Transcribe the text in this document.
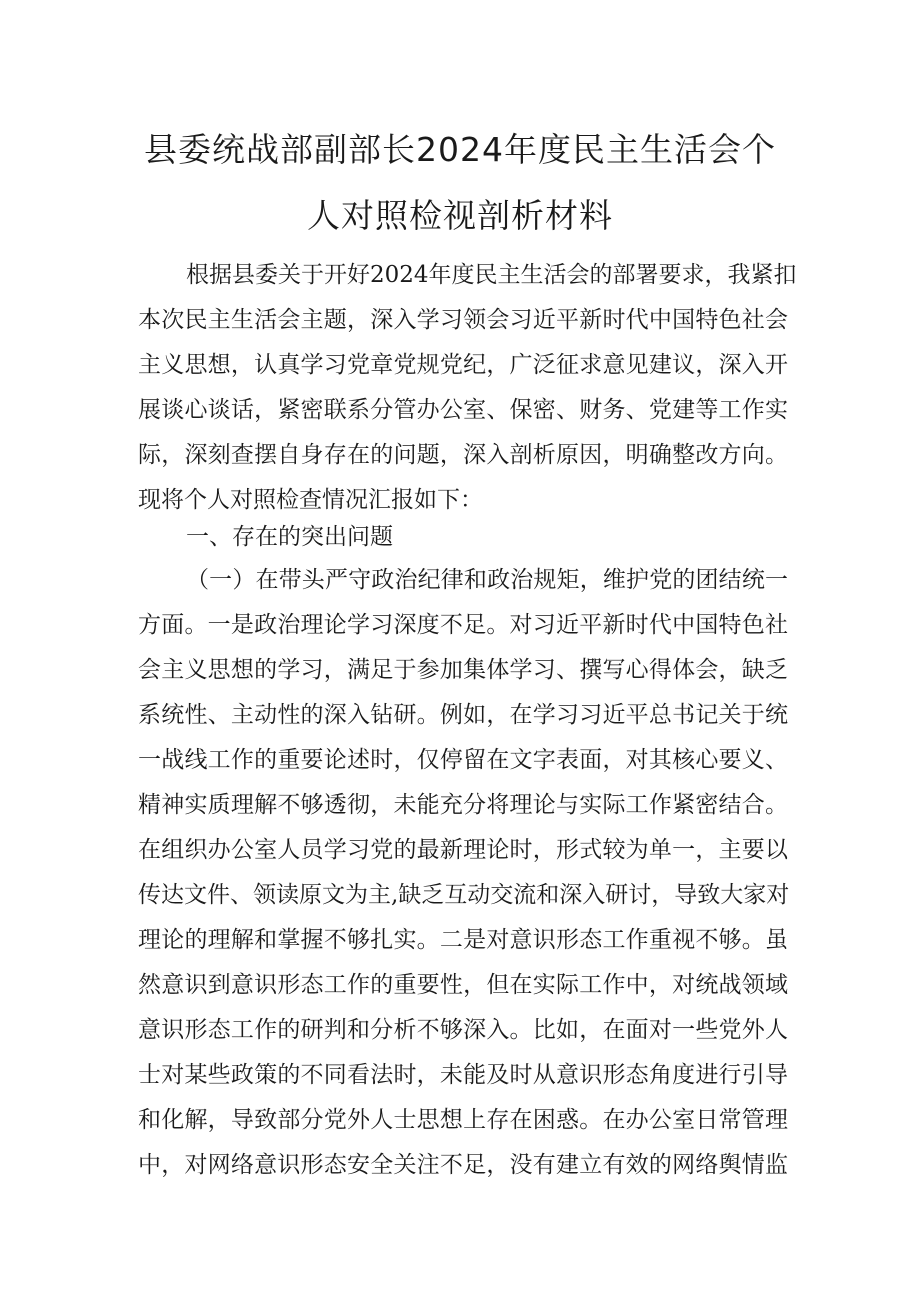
县委统战部副部长2024年度民主生活会个
人对照检视剖析材料
根据县委关于开好2024年度民主生活会的部署要求，我紧扣
本次民主生活会主题，深入学习领会习近平新时代中国特色社会
主义思想，认真学习党章党规党纪，广泛征求意见建议，深入开
展谈心谈话，紧密联系分管办公室、保密、财务、党建等工作实
际，深刻查摆自身存在的问题，深入剖析原因，明确整改方向。
现将个人对照检查情况汇报如下：
一、存在的突出问题
（一）在带头严守政治纪律和政治规矩，维护党的团结统一
方面。一是政治理论学习深度不足。对习近平新时代中国特色社
会主义思想的学习，满足于参加集体学习、撰写心得体会，缺乏
系统性、主动性的深入钻研。例如，在学习习近平总书记关于统
一战线工作的重要论述时，仅停留在文字表面，对其核心要义、
精神实质理解不够透彻，未能充分将理论与实际工作紧密结合。
在组织办公室人员学习党的最新理论时，形式较为单一，主要以
传达文件、领读原文为主,缺乏互动交流和深入研讨，导致大家对
理论的理解和掌握不够扎实。二是对意识形态工作重视不够。虽
然意识到意识形态工作的重要性，但在实际工作中，对统战领域
意识形态工作的研判和分析不够深入。比如，在面对一些党外人
士对某些政策的不同看法时，未能及时从意识形态角度进行引导
和化解，导致部分党外人士思想上存在困惑。在办公室日常管理
中，对网络意识形态安全关注不足，没有建立有效的网络舆情监
